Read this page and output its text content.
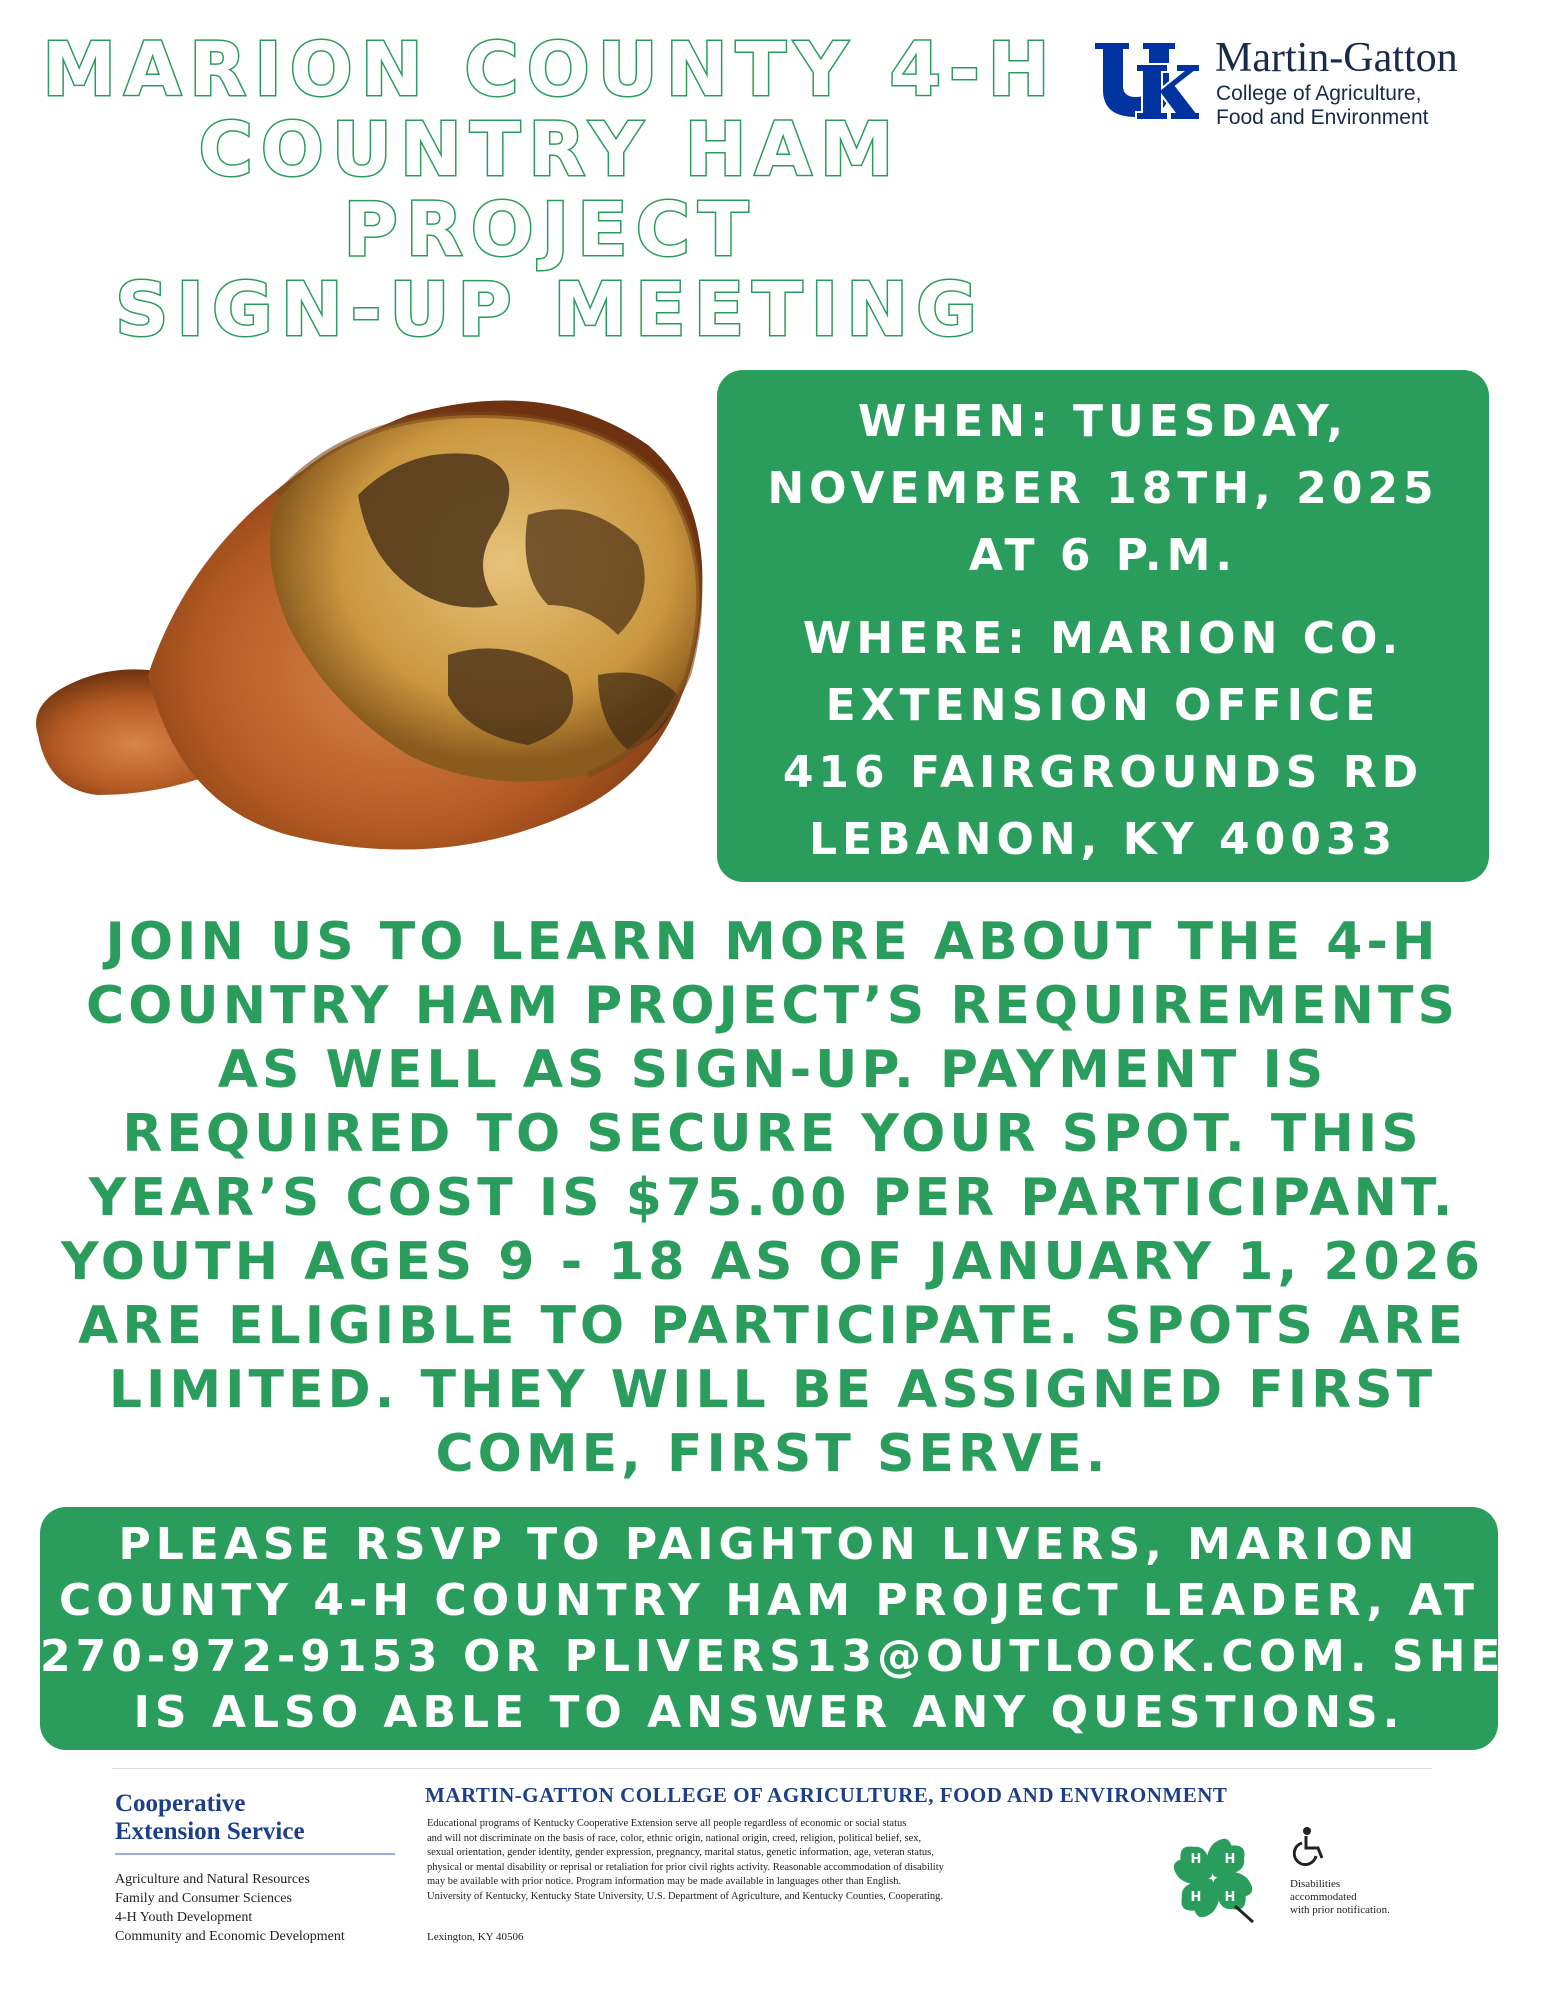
MARION COUNTY 4-H
COUNTRY HAM
PROJECT
SIGN-UP MEETING
Martin-Gatton
College of Agriculture,
Food and Environment
WHEN: TUESDAY,
NOVEMBER 18TH, 2025
AT 6 P.M.
WHERE: MARION CO.
EXTENSION OFFICE
416 FAIRGROUNDS RD
LEBANON, KY 40033
JOIN US TO LEARN MORE ABOUT THE 4-H
COUNTRY HAM PROJECT’S REQUIREMENTS
AS WELL AS SIGN-UP. PAYMENT IS
REQUIRED TO SECURE YOUR SPOT. THIS
YEAR’S COST IS $75.00 PER PARTICIPANT.
YOUTH AGES 9 - 18 AS OF JANUARY 1, 2026
ARE ELIGIBLE TO PARTICIPATE. SPOTS ARE
LIMITED. THEY WILL BE ASSIGNED FIRST
COME, FIRST SERVE.
PLEASE RSVP TO PAIGHTON LIVERS, MARION
COUNTY 4-H COUNTRY HAM PROJECT LEADER, AT
270-972-9153 OR PLIVERS13@OUTLOOK.COM. SHE
IS ALSO ABLE TO ANSWER ANY QUESTIONS.
Cooperative
Extension Service
Agriculture and Natural Resources
Family and Consumer Sciences
4-H Youth Development
Community and Economic Development
MARTIN-GATTON COLLEGE OF AGRICULTURE, FOOD AND ENVIRONMENT
Educational programs of Kentucky Cooperative Extension serve all people regardless of economic or social status
and will not discriminate on the basis of race, color, ethnic origin, national origin, creed, religion, political belief, sex,
sexual orientation, gender identity, gender expression, pregnancy, marital status, genetic information, age, veteran status,
physical or mental disability or reprisal or retaliation for prior civil rights activity. Reasonable accommodation of disability
may be available with prior notice. Program information may be made available in languages other than English.
University of Kentucky, Kentucky State University, U.S. Department of Agriculture, and Kentucky Counties, Cooperating.
Lexington, KY 40506
H H
H H
Disabilities
accommodated
with prior notification.
